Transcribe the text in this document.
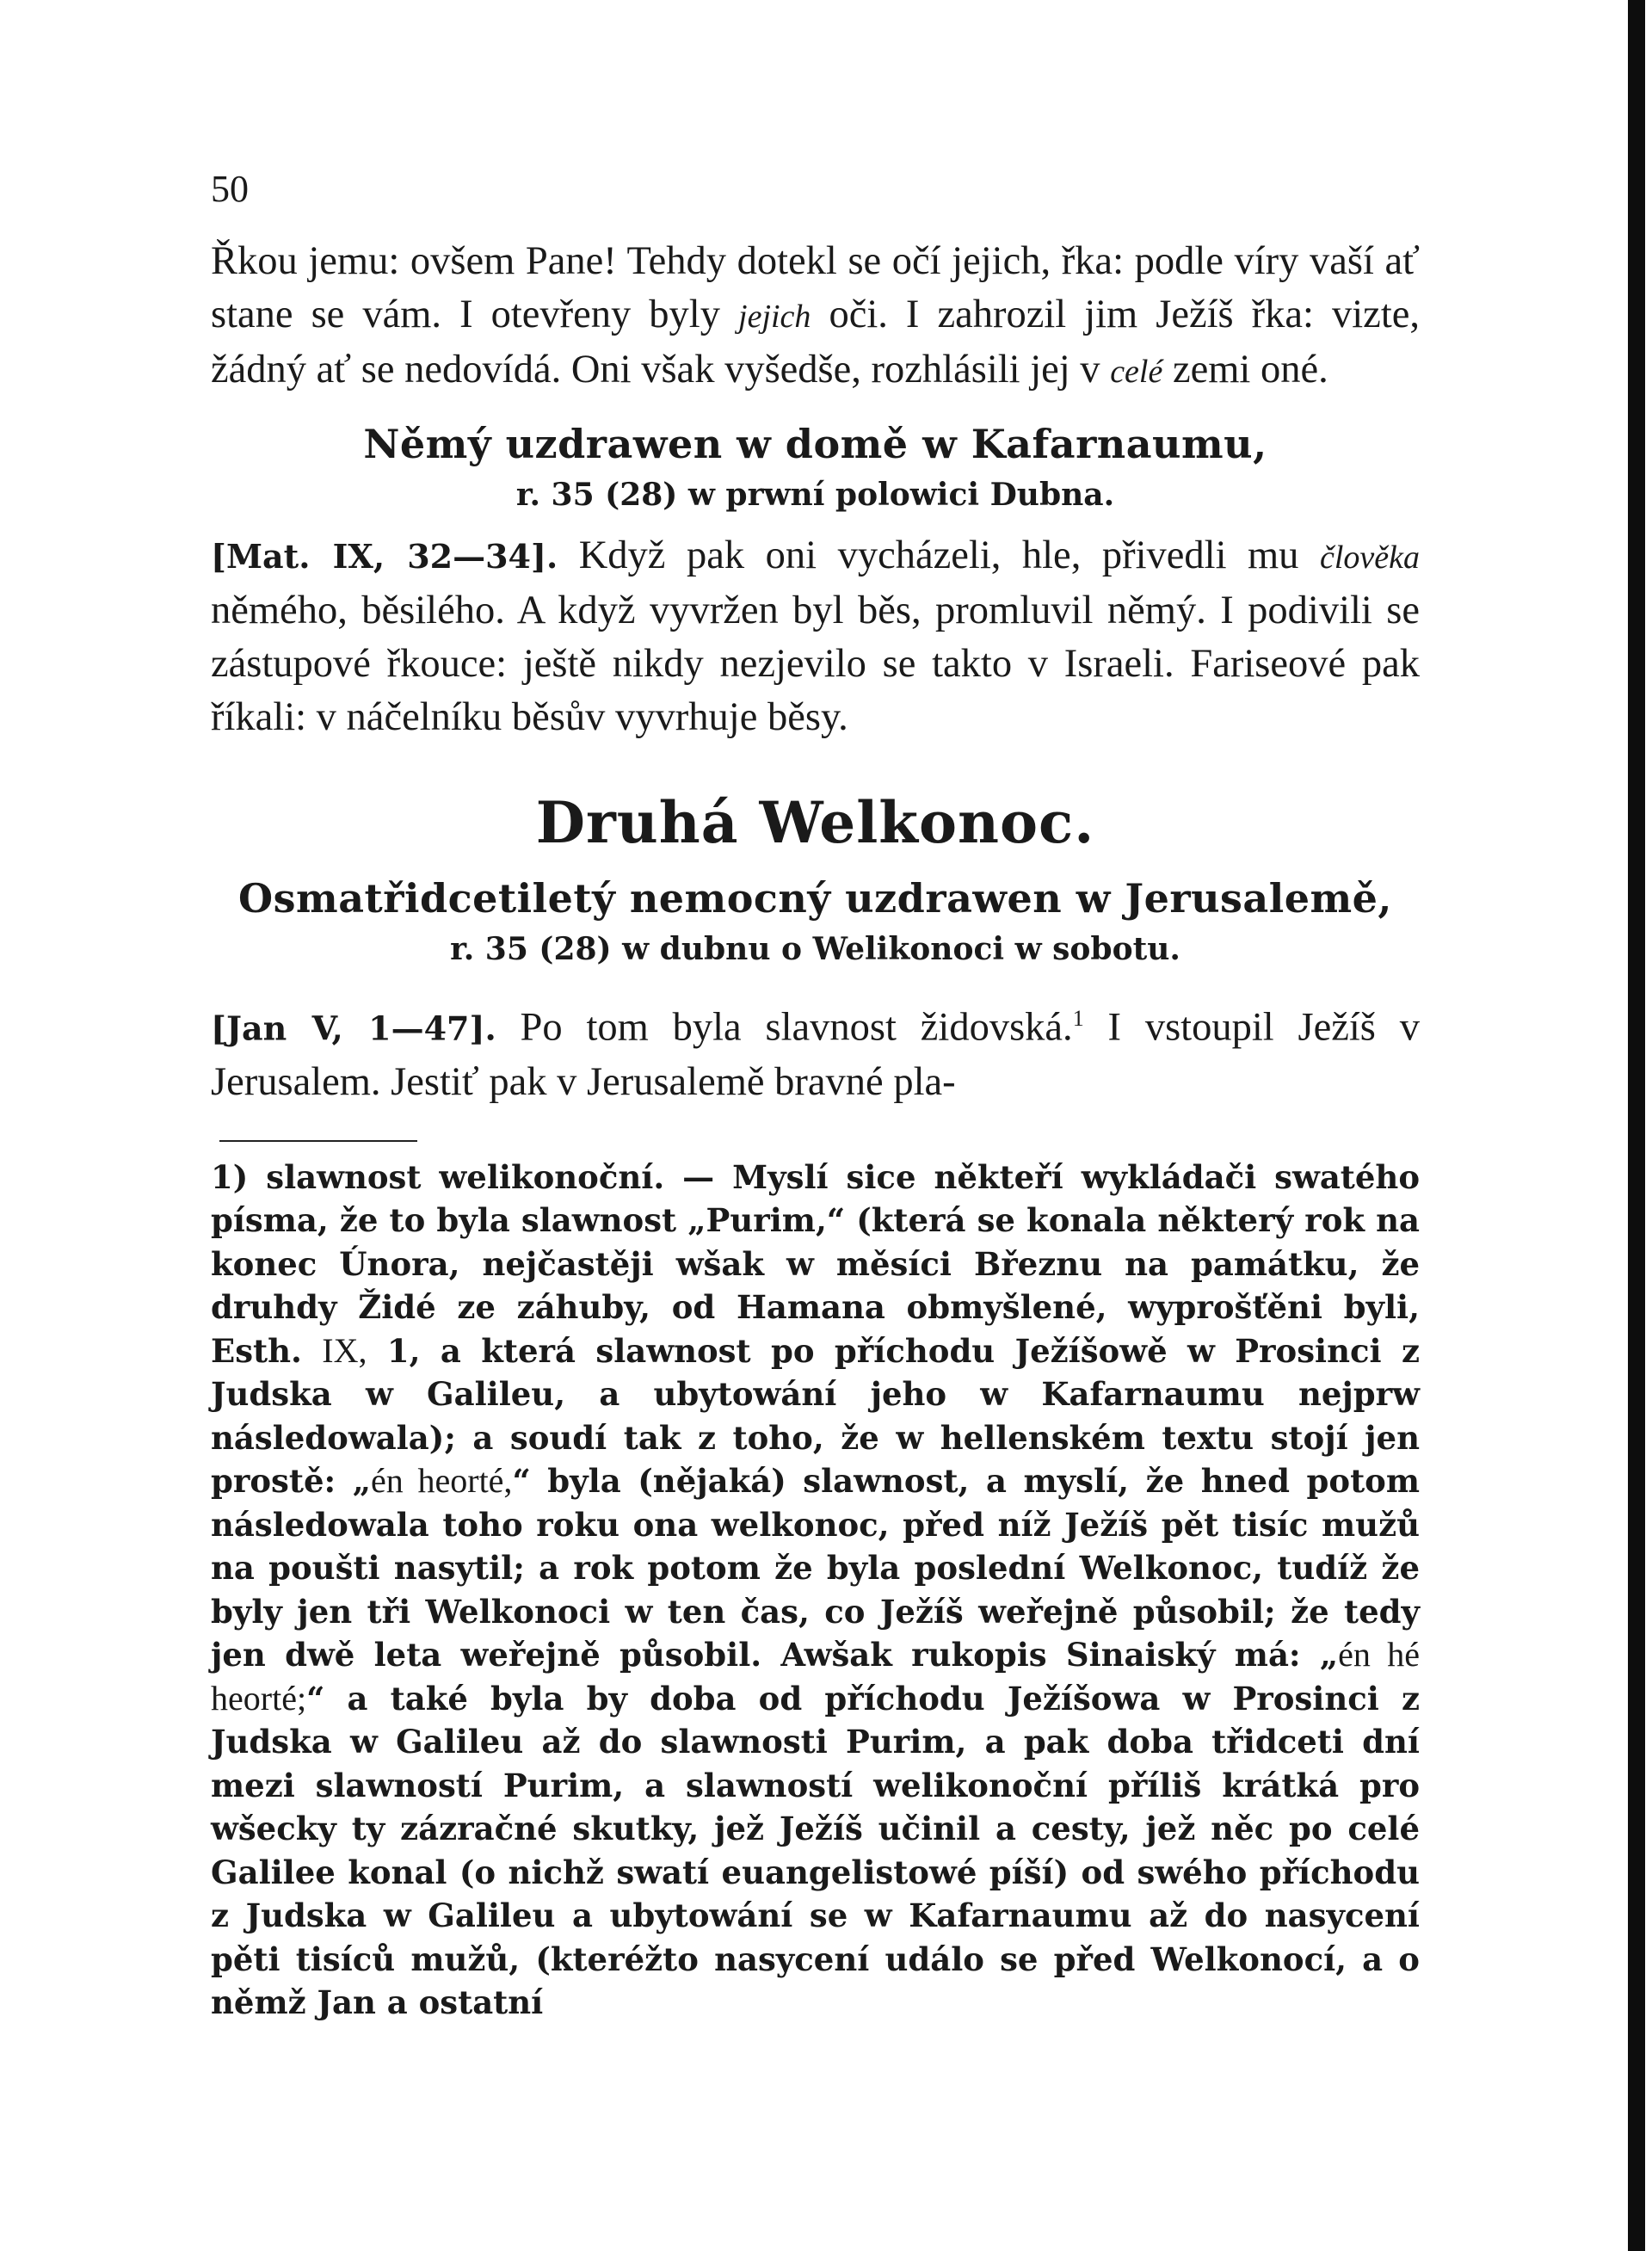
50

Řkou jemu: ovšem Pane! Tehdy dotekl se očí jejich, řka: podle víry vaší ať stane se vám. I otevřeny byly jejich oči. I zahrozil jim Ježíš řka: vizte, žádný ať se nedovídá. Oni však vyšedše, rozhlásili jej v celé zemi oné.

Němý uzdrawen w domě w Kafarnaumu,

r. 35 (28) w prwní polowici Dubna.

[Mat. IX, 32—34]. Když pak oni vycházeli, hle, přivedli mu člověka němého, běsilého. A když vyvržen byl běs, promluvil němý. I podivili se zástupové řkouce: ještě nikdy nezjevilo se takto v Israeli. Fariseové pak říkali: v náčelníku běsův vyvrhuje běsy.

Druhá Welkonoc.

Osmatřidcetiletý nemocný uzdrawen w Jerusalemě,

r. 35 (28) w dubnu o Welikonoci w sobotu.

[Jan V, 1—47]. Po tom byla slavnost židovská.$^1$ I vstoupil Ježíš v Jerusalem. Jestiť pak v Jerusalemě bravné pla-

1) slawnost welikonoční. — Myslí sice někteří wykládači swatého písma, že to byla slawnost „Purim,“ (která se konala některý rok na konec Února, nejčastěji wšak w měsíci Březnu na památku, že druhdy Židé ze záhuby, od Hamana obmyšlené, wyprošťěni byli, Esth. IX, 1, a která slawnost po příchodu Ježíšowě w Prosinci z Judska w Galileu, a ubytowání jeho w Kafarnaumu nejprw následowala); a soudí tak z toho, že w hellenském textu stojí jen prostě: „én heorté,“ byla (nějaká) slawnost, a myslí, že hned potom následowala toho roku ona welkonoc, před níž Ježíš pět tisíc mužů na poušti nasytil; a rok potom že byla poslední Welkonoc, tudíž že byly jen tři Welkonoci w ten čas, co Ježíš weřejně působil; že tedy jen dwě leta weřejně působil. Awšak rukopis Sinaiský má: „én hé heorté;“ a také byla by doba od příchodu Ježíšowa w Prosinci z Judska w Galileu až do slawnosti Purim, a pak doba třidceti dní mezi slawností Purim, a slawností welikonoční příliš krátká pro wšecky ty zázračné skutky, jež Ježíš učinil a cesty, jež něc po celé Galilee konal (o nichž swatí euangelistowé píší) od swého příchodu z Judska w Galileu a ubytowání se w Kafarnaumu až do nasycení pěti tisíců mužů, (kteréžto nasycení událo se před Welkonocí, a o němž Jan a ostatní
